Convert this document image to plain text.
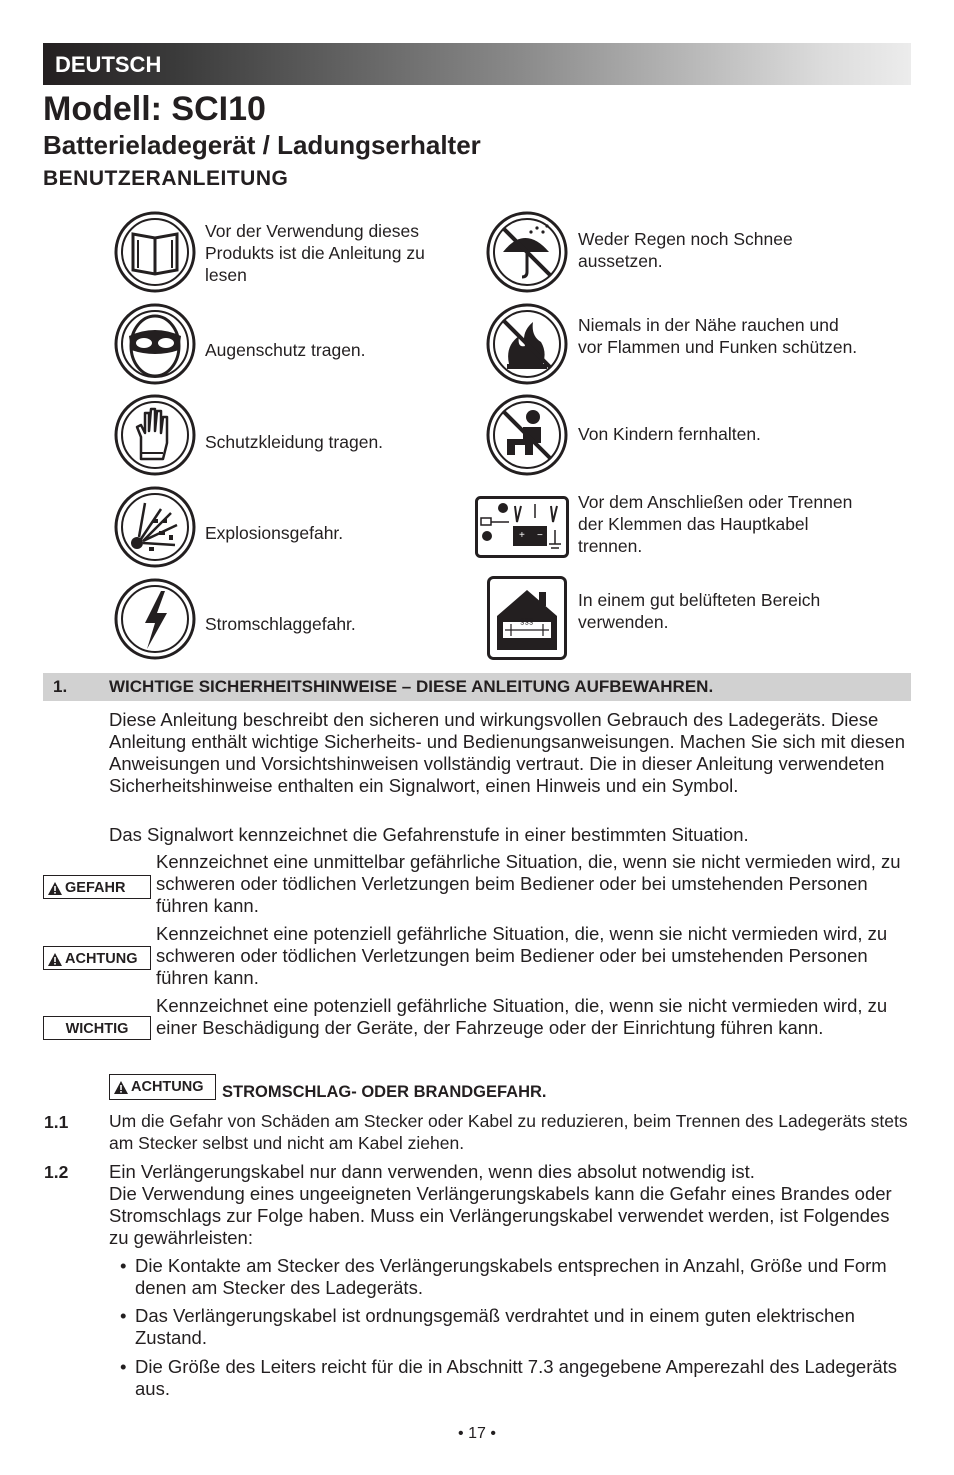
DEUTSCH
Modell: SCI10
Batterieladegerät / Ladungserhalter
BENUTZERANLEITUNG
Vor der Verwendung dieses Produkts ist die Anleitung zu lesen
Augenschutz tragen.
Schutzkleidung tragen.
Explosionsgefahr.
Stromschlaggefahr.
Weder Regen noch Schnee aussetzen.
Niemals in der Nähe rauchen und vor Flammen und Funken schützen.
Von Kindern fernhalten.
+ −
Vor dem Anschließen oder Trennen der Klemmen das Hauptkabel trennen.
§§§
In einem gut belüfteten Bereich verwenden.
1. WICHTIGE SICHERHEITSHINWEISE – DIESE ANLEITUNG AUFBEWAHREN.

Diese Anleitung beschreibt den sicheren und wirkungsvollen Gebrauch des Ladegeräts. Diese Anleitung enthält wichtige Sicherheits- und Bedienungsanweisungen. Machen Sie sich mit diesen Anweisungen und Vorsichtshinweisen vollständig vertraut. Die in dieser Anleitung verwendeten Sicherheitshinweise enthalten ein Signalwort, einen Hinweis und ein Symbol.

Das Signalwort kennzeichnet die Gefahrenstufe in einer bestimmten Situation.

GEFAHR

Kennzeichnet eine unmittelbar gefährliche Situation, die, wenn sie nicht vermieden wird, zu schweren oder tödlichen Verletzungen beim Bediener oder bei umstehenden Personen führen kann.

ACHTUNG

Kennzeichnet eine potenziell gefährliche Situation, die, wenn sie nicht vermieden wird, zu schweren oder tödlichen Verletzungen beim Bediener oder bei umstehenden Personen führen kann.

WICHTIG

Kennzeichnet eine potenziell gefährliche Situation, die, wenn sie nicht vermieden wird, zu einer Beschädigung der Geräte, der Fahrzeuge oder der Einrichtung führen kann.

ACHTUNG	STROMSCHLAG- ODER BRANDGEFAHR.
1.1 Um die Gefahr von Schäden am Stecker oder Kabel zu reduzieren, beim Trennen des Ladegeräts stets am Stecker selbst und nicht am Kabel ziehen.

1.2 Ein Verlängerungskabel nur dann verwenden, wenn dies absolut notwendig ist.

Die Verwendung eines ungeeigneten Verlängerungskabels kann die Gefahr eines Brandes oder Stromschlags zur Folge haben. Muss ein Verlängerungskabel verwendet werden, ist Folgendes zu gewährleisten:

• Die Kontakte am Stecker des Verlängerungskabels entsprechen in Anzahl, Größe und Form denen am Stecker des Ladegeräts.

• Das Verlängerungskabel ist ordnungsgemäß verdrahtet und in einem guten elektrischen Zustand.

• Die Größe des Leiters reicht für die in Abschnitt 7.3 angegebene Amperezahl des Ladegeräts aus.

• 17 •
